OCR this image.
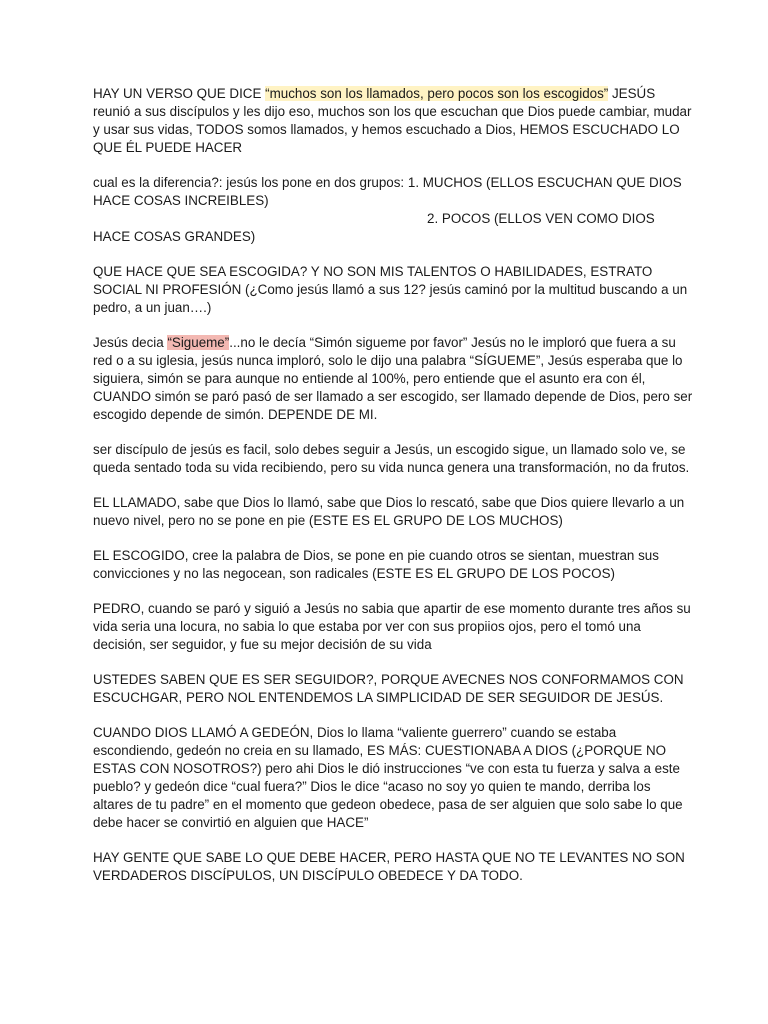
HAY UN VERSO QUE DICE “muchos son los llamados, pero pocos son los escogidos” JESÚS reunió a sus discípulos y les dijo eso, muchos son los que escuchan que Dios puede cambiar, mudar y usar sus vidas, TODOS somos llamados, y hemos escuchado a Dios, HEMOS ESCUCHADO LO QUE ÉL PUEDE HACER

cual es la diferencia?: jesús los pone en dos grupos: 1. MUCHOS (ELLOS ESCUCHAN QUE DIOS HACE COSAS INCREIBLES)
2. POCOS (ELLOS VEN COMO DIOS
HACE COSAS GRANDES)

QUE HACE QUE SEA ESCOGIDA? Y NO SON MIS TALENTOS O HABILIDADES, ESTRATO SOCIAL NI PROFESIÓN (¿Como jesús llamó a sus 12? jesús caminó por la multitud buscando a un pedro, a un juan….)

Jesús decia “Sigueme”...no le decía “Simón sigueme por favor” Jesús no le imploró que fuera a su red o a su iglesia, jesús nunca imploró, solo le dijo una palabra “SÍGUEME”, Jesús esperaba que lo siguiera, simón se para aunque no entiende al 100%, pero entiende que el asunto era con él, CUANDO simón se paró pasó de ser llamado a ser escogido, ser llamado depende de Dios, pero ser escogido depende de simón. DEPENDE DE MI.

ser discípulo de jesús es facil, solo debes seguir a Jesús, un escogido sigue, un llamado solo ve, se queda sentado toda su vida recibiendo, pero su vida nunca genera una transformación, no da frutos.

EL LLAMADO, sabe que Dios lo llamó, sabe que Dios lo rescató, sabe que Dios quiere llevarlo a un nuevo nivel, pero no se pone en pie (ESTE ES EL GRUPO DE LOS MUCHOS)

EL ESCOGIDO, cree la palabra de Dios, se pone en pie cuando otros se sientan, muestran sus convicciones y no las negocean, son radicales (ESTE ES EL GRUPO DE LOS POCOS)

PEDRO, cuando se paró y siguió a Jesús no sabia que apartir de ese momento durante tres años su vida seria una locura, no sabia lo que estaba por ver con sus propiios ojos, pero el tomó una decisión, ser seguidor, y fue su mejor decisión de su vida

USTEDES SABEN QUE ES SER SEGUIDOR?, PORQUE AVECNES NOS CONFORMAMOS CON ESCUCHGAR, PERO NOL ENTENDEMOS LA SIMPLICIDAD DE SER SEGUIDOR DE JESÚS.

CUANDO DIOS LLAMÓ A GEDEÓN, Dios lo llama “valiente guerrero” cuando se estaba escondiendo, gedeón no creia en su llamado, ES MÁS: CUESTIONABA A DIOS (¿PORQUE NO ESTAS CON NOSOTROS?) pero ahi Dios le dió instrucciones “ve con esta tu fuerza y salva a este pueblo? y gedeón dice “cual fuera?” Dios le dice “acaso no soy yo quien te mando, derriba los altares de tu padre” en el momento que gedeon obedece, pasa de ser alguien que solo sabe lo que debe hacer se convirtió en alguien que HACE”

HAY GENTE QUE SABE LO QUE DEBE HACER, PERO HASTA QUE NO TE LEVANTES NO SON VERDADEROS DISCÍPULOS, UN DISCÍPULO OBEDECE Y DA TODO.
